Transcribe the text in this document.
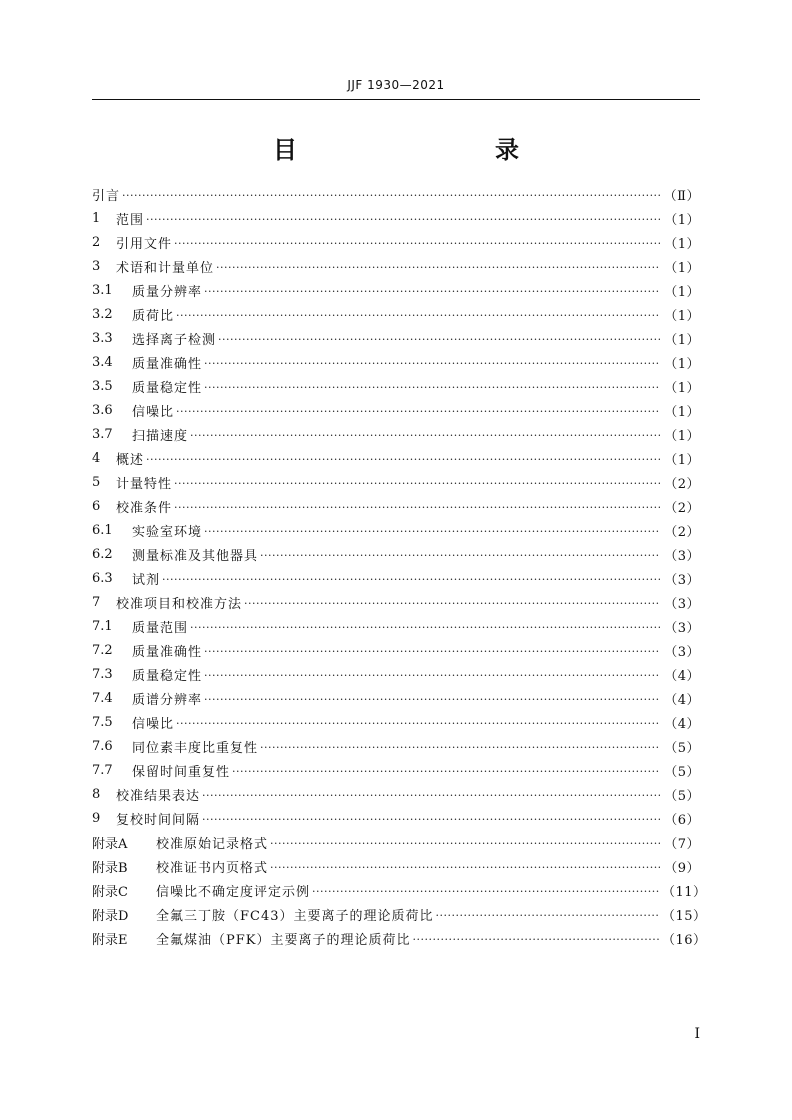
JJF 1930—2021
目　　录
引言 ·····	（Ⅱ）
1	范围 ·····	（1）
2	引用文件 ·····	（1）
3	术语和计量单位 ·····	（1）
3.1	质量分辨率 ·····	（1）
3.2	质荷比 ·····	（1）
3.3	选择离子检测 ·····	（1）
3.4	质量准确性 ·····	（1）
3.5	质量稳定性 ·····	（1）
3.6	信噪比 ·····	（1）
3.7	扫描速度 ·····	（1）
4	概述 ·····	（1）
5	计量特性 ·····	（2）
6	校准条件 ·····	（2）
6.1	实验室环境 ·····	（2）
6.2	测量标准及其他器具 ·····	（3）
6.3	试剂 ·····	（3）
7	校准项目和校准方法 ·····	（3）
7.1	质量范围 ·····	（3）
7.2	质量准确性 ·····	（3）
7.3	质量稳定性 ·····	（4）
7.4	质谱分辨率 ·····	（4）
7.5	信噪比 ·····	（4）
7.6	同位素丰度比重复性 ·····	（5）
7.7	保留时间重复性 ·····	（5）
8	校准结果表达 ·····	（5）
9	复校时间间隔 ·····	（6）
附录A	校准原始记录格式 ·····	（7）
附录B	校准证书内页格式 ·····	（9）
附录C	信噪比不确定度评定示例 ·····	（11）
附录D	全氟三丁胺（FC43）主要离子的理论质荷比 ·····	（15）
附录E	全氟煤油（PFK）主要离子的理论质荷比 ·····	（16）
Ⅰ
